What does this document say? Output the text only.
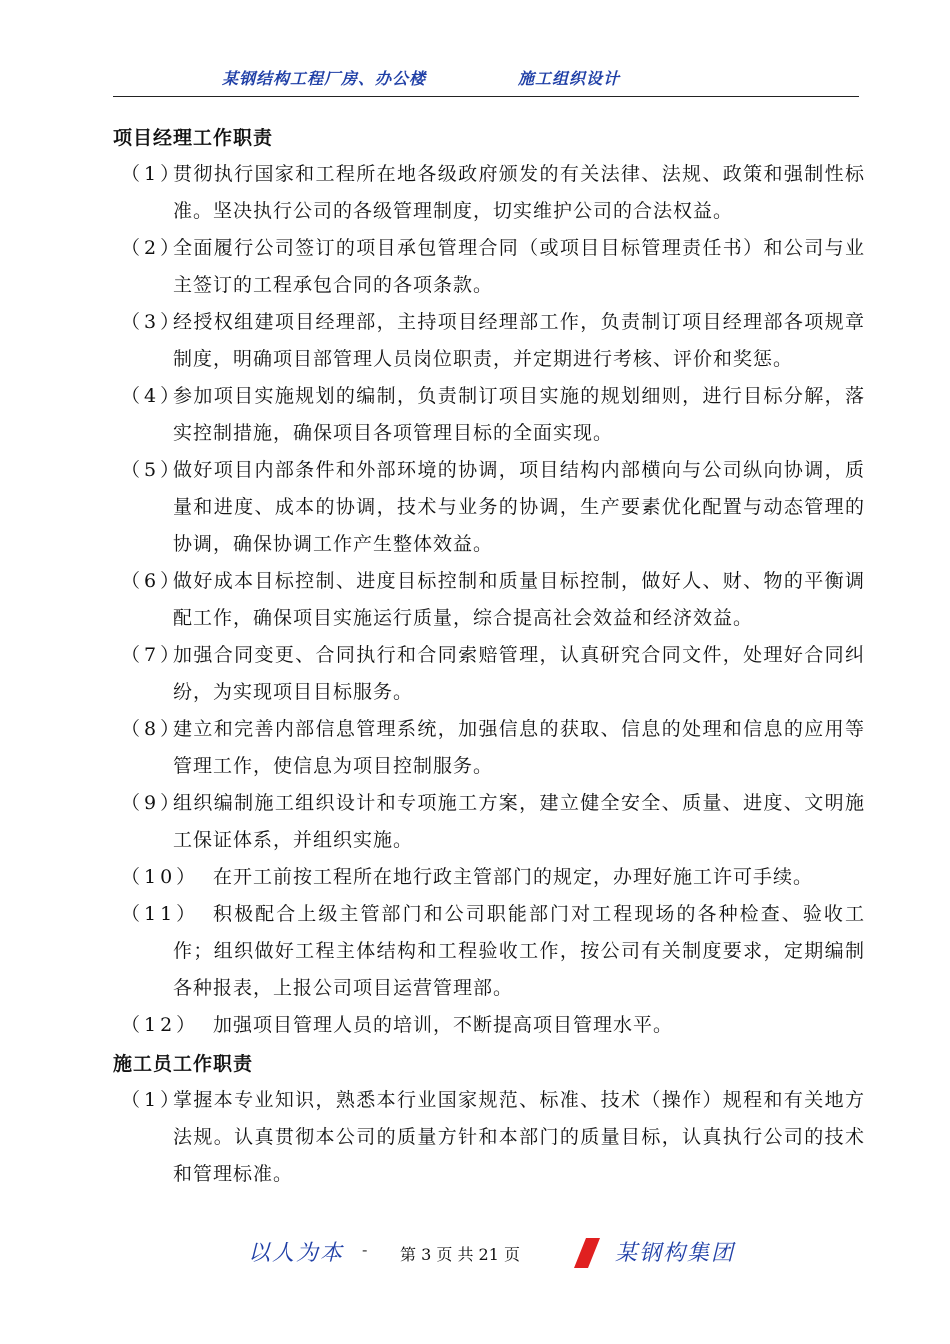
某钢结构工程厂房、办公楼	施工组织设计
项目经理工作职责
（1）
贯彻执行国家和工程所在地各级政府颁发的有关法律、法规、政策和强制性标准。坚决执行公司的各级管理制度，切实维护公司的合法权益。
（2）
全面履行公司签订的项目承包管理合同（或项目目标管理责任书）和公司与业主签订的工程承包合同的各项条款。
（3）
经授权组建项目经理部，主持项目经理部工作，负责制订项目经理部各项规章制度，明确项目部管理人员岗位职责，并定期进行考核、评价和奖惩。
（4）
参加项目实施规划的编制，负责制订项目实施的规划细则，进行目标分解，落实控制措施，确保项目各项管理目标的全面实现。
（5）
做好项目内部条件和外部环境的协调，项目结构内部横向与公司纵向协调，质量和进度、成本的协调，技术与业务的协调，生产要素优化配置与动态管理的协调，确保协调工作产生整体效益。
（6）
做好成本目标控制、进度目标控制和质量目标控制，做好人、财、物的平衡调配工作，确保项目实施运行质量，综合提高社会效益和经济效益。
（7）
加强合同变更、合同执行和合同索赔管理，认真研究合同文件，处理好合同纠纷，为实现项目目标服务。
（8）
建立和完善内部信息管理系统，加强信息的获取、信息的处理和信息的应用等管理工作，使信息为项目控制服务。
（9）
组织编制施工组织设计和专项施工方案，建立健全安全、质量、进度、文明施工保证体系，并组织实施。
（10） 在开工前按工程所在地行政主管部门的规定，办理好施工许可手续。
（11） 积极配合上级主管部门和公司职能部门对工程现场的各种检查、验收工作；组织做好工程主体结构和工程验收工作，按公司有关制度要求，定期编制各种报表，上报公司项目运营管理部。
（12） 加强项目管理人员的培训，不断提高项目管理水平。
施工员工作职责
（1）
掌握本专业知识，熟悉本行业国家规范、标准、技术（操作）规程和有关地方法规。认真贯彻本公司的质量方针和本部门的质量目标，认真执行公司的技术和管理标准。
以人为本 - 第 3 页 共 21 页	某钢构集团
